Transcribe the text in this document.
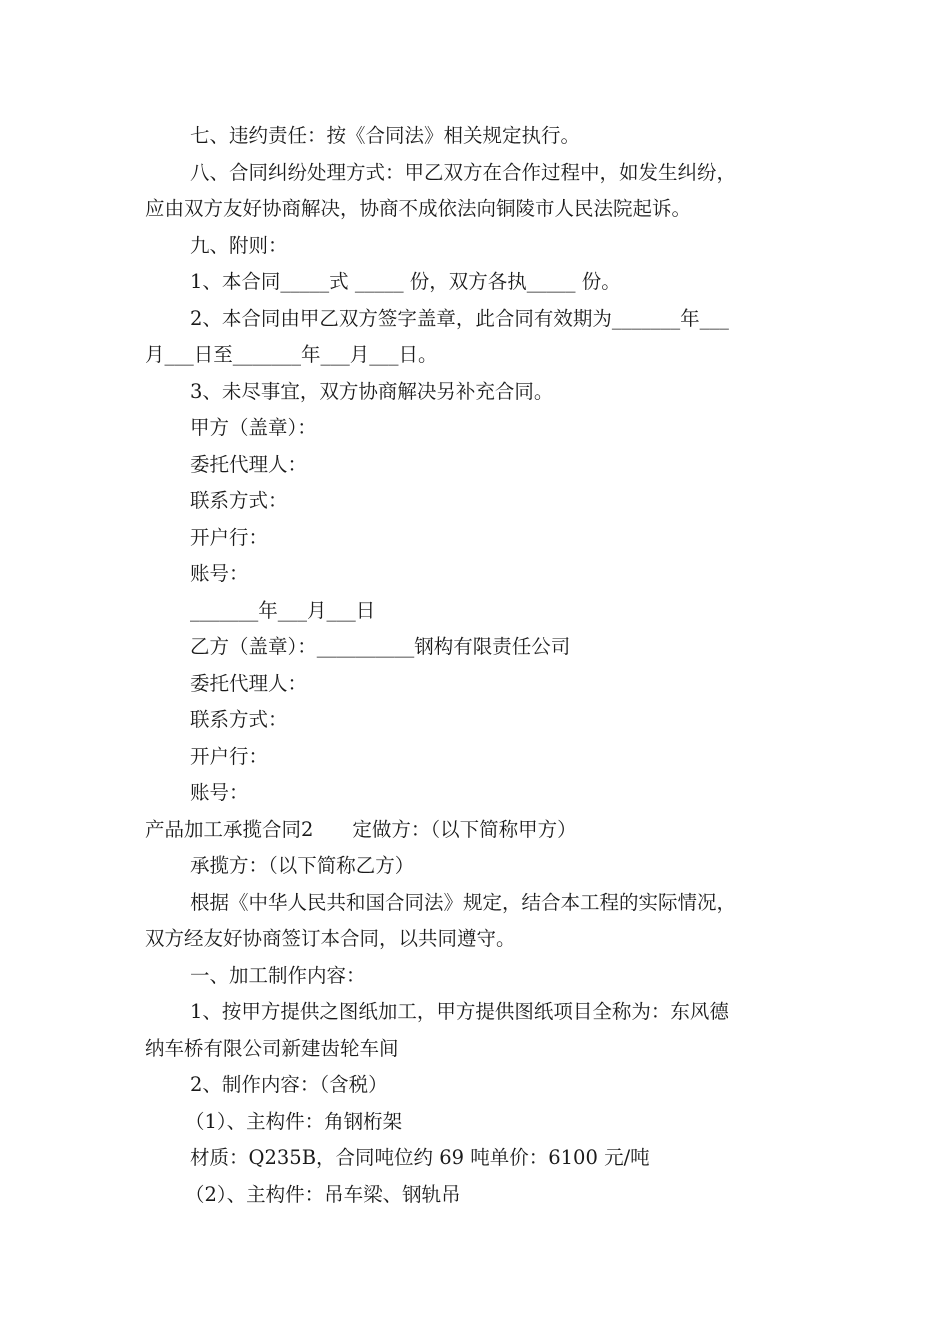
七、违约责任：按《合同法》相关规定执行。
八、合同纠纷处理方式：甲乙双方在合作过程中，如发生纠纷，
应由双方友好协商解决，协商不成依法向铜陵市人民法院起诉。
九、附则：
1、本合同_____式 _____ 份，双方各执_____ 份。
2、本合同由甲乙双方签字盖章，此合同有效期为_______年___
月___日至_______年___月___日。
3、未尽事宜，双方协商解决另补充合同。
甲方（盖章）：
委托代理人：
联系方式：
开户行：
账号：
_______年___月___日
乙方（盖章）：__________钢构有限责任公司
委托代理人：
联系方式：
开户行：
账号：
产品加工承揽合同2　　定做方：（以下简称甲方）
承揽方：（以下简称乙方）
根据《中华人民共和国合同法》规定，结合本工程的实际情况，
双方经友好协商签订本合同，以共同遵守。
一、加工制作内容：
1、按甲方提供之图纸加工，甲方提供图纸项目全称为：东风德
纳车桥有限公司新建齿轮车间
2、制作内容：（含税）
（1）、主构件：角钢桁架
材质：Q235B，合同吨位约 69 吨单价：6100 元/吨
（2）、主构件：吊车梁、钢轨吊
